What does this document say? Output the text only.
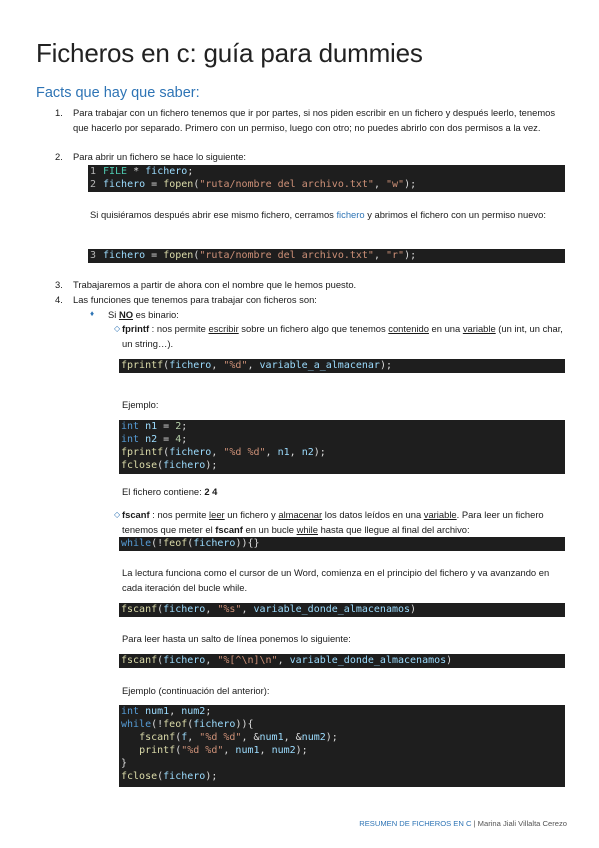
Ficheros en c: guía para dummies
Facts que hay que saber:
1. Para trabajar con un fichero tenemos que ir por partes, si nos piden escribir en un fichero y después leerlo, tenemos que hacerlo por separado. Primero con un permiso, luego con otro; no puedes abrirlo con dos permisos a la vez.
2. Para abrir un fichero se hace lo siguiente:
1 FILE * fichero;
2 fichero = fopen("ruta/nombre del archivo.txt", "w");
Si quisiéramos después abrir ese mismo fichero, cerramos fichero y abrimos el fichero con un permiso nuevo:
3 fichero = fopen("ruta/nombre del archivo.txt", "r");
3. Trabajaremos a partir de ahora con el nombre que le hemos puesto.
4. Las funciones que tenemos para trabajar con ficheros son:
♦ Si NO es binario:
◇ fprintf : nos permite escribir sobre un fichero algo que tenemos contenido en una variable (un int, un char, un string…).
fprintf(fichero, "%d", variable_a_almacenar);
Ejemplo:
int n1 = 2;
int n2 = 4;
fprintf(fichero, "%d %d", n1, n2);
fclose(fichero);
El fichero contiene: 2 4
◇ fscanf : nos permite leer un fichero y almacenar los datos leídos en una variable. Para leer un fichero tenemos que meter el fscanf en un bucle while hasta que llegue al final del archivo:
while(!feof(fichero)){}
La lectura funciona como el cursor de un Word, comienza en el principio del fichero y va avanzando en cada iteración del bucle while.
fscanf(fichero, "%s", variable_donde_almacenamos)
Para leer hasta un salto de línea ponemos lo siguiente:
fscanf(fichero, "%[^\n]\n", variable_donde_almacenamos)
Ejemplo (continuación del anterior):
int num1, num2;
while(!feof(fichero)){
fscanf(f, "%d %d", &num1, &num2);
printf("%d %d", num1, num2);
}
fclose(fichero);
RESUMEN DE FICHEROS EN C | Marina Jiali Villalta Cerezo
